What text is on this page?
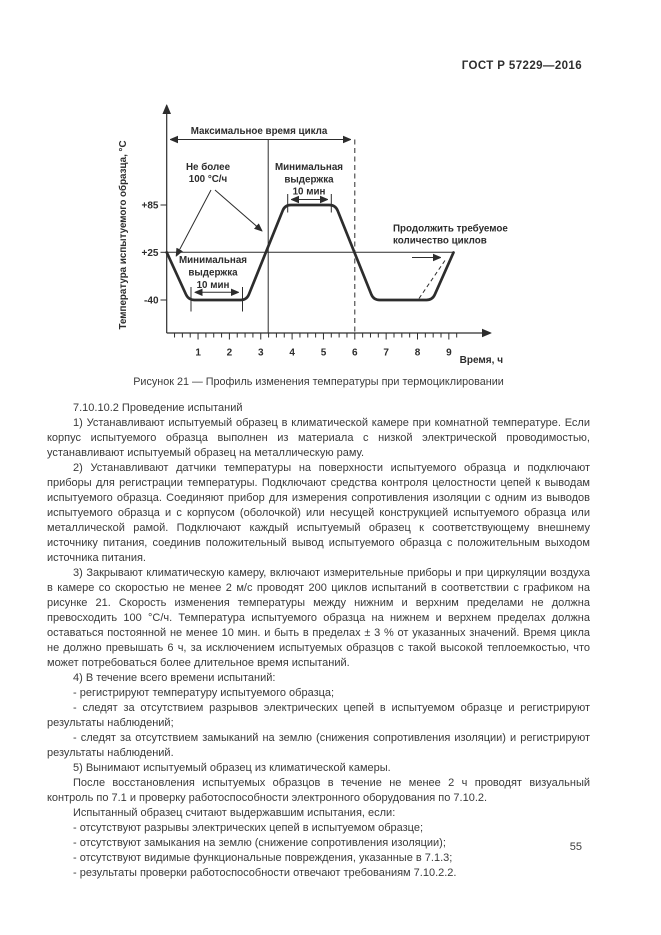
ГОСТ Р 57229—2016
Максимальное время цикла
Продолжить требуемое
количество циклов
Не более
100 °С/ч
Минимальная
выдержка
10 мин
Минимальная
выдержка
10 мин
1	2	3	4	5	6	7	8	9
+85
+25
-40
Время, ч
Температура испытуемого образца, °С
Рисунок 21 — Профиль изменения температуры при термоциклировании

7.10.10.2 Проведение испытаний

1) Устанавливают испытуемый образец в климатической камере при комнатной температуре. Если корпус испытуемого образца выполнен из материала с низкой электрической проводимостью, устанавливают испытуемый образец на металлическую раму.

2) Устанавливают датчики температуры на поверхности испытуемого образца и подключают приборы для регистрации температуры. Подключают средства контроля целостности цепей к выводам испытуемого образца. Соединяют прибор для измерения сопротивления изоляции с одним из выводов испытуемого образца и с корпусом (оболочкой) или несущей конструкцией испытуемого образца или металлической рамой. Подключают каждый испытуемый образец к соответствующему внешнему источнику питания, соединив положительный вывод испытуемого образца с положительным выходом источника питания.

3) Закрывают климатическую камеру, включают измерительные приборы и при циркуляции воздуха в камере со скоростью не менее 2 м/с проводят 200 циклов испытаний в соответствии с графиком на рисунке 21. Скорость изменения температуры между нижним и верхним пределами не должна превосходить 100 °С/ч. Температура испытуемого образца на нижнем и верхнем пределах должна оставаться постоянной не менее 10 мин. и быть в пределах ± 3 % от указанных значений. Время цикла не должно превышать 6 ч, за исключением испытуемых образцов с такой высокой теплоемкостью, что может потребоваться более длительное время испытаний.

4) В течение всего времени испытаний:

- регистрируют температуру испытуемого образца;

- следят за отсутствием разрывов электрических цепей в испытуемом образце и регистрируют результаты наблюдений;

- следят за отсутствием замыканий на землю (снижения сопротивления изоляции) и регистрируют результаты наблюдений.

5) Вынимают испытуемый образец из климатической камеры.

После восстановления испытуемых образцов в течение не менее 2 ч проводят визуальный контроль по 7.1 и проверку работоспособности электронного оборудования по 7.10.2.

Испытанный образец считают выдержавшим испытания, если:

- отсутствуют разрывы электрических цепей в испытуемом образце;

- отсутствуют замыкания на землю (снижение сопротивления изоляции);

- отсутствуют видимые функциональные повреждения, указанные в 7.1.3;

- результаты проверки работоспособности отвечают требованиям 7.10.2.2.

55
